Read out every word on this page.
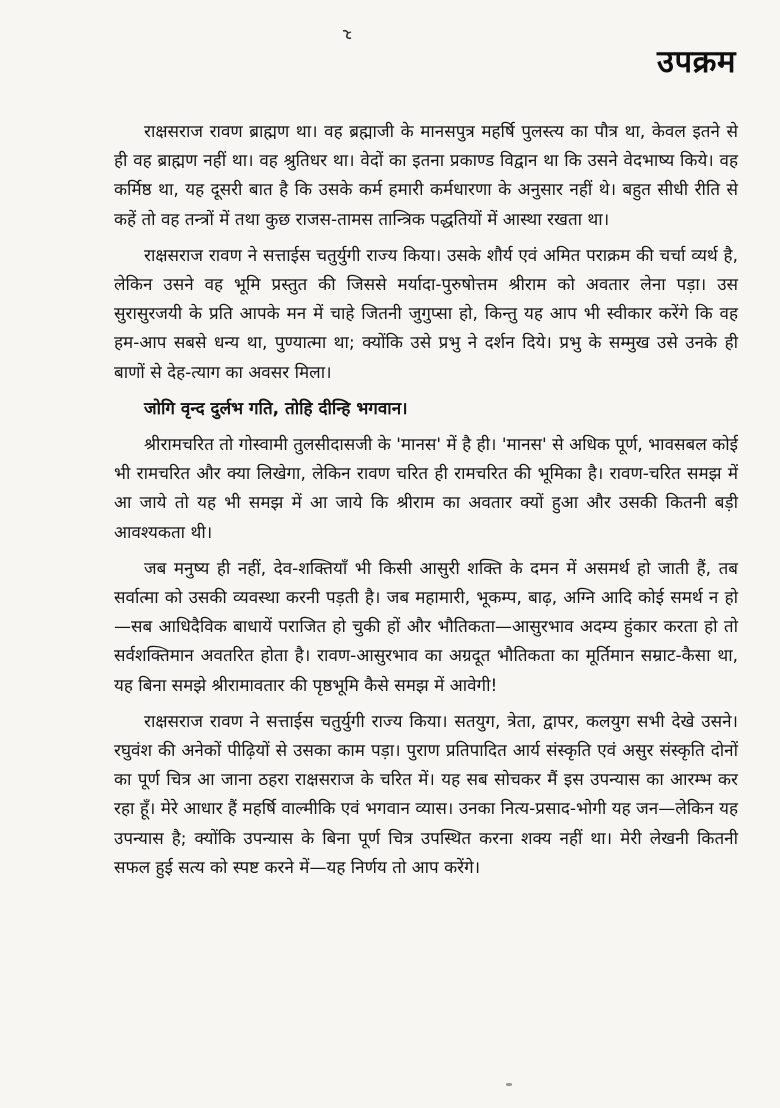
उपक्रम

राक्षसराज रावण ब्राह्मण था। वह ब्रह्माजी के मानसपुत्र महर्षि पुलस्त्य का पौत्र था, केवल इतने से ही वह ब्राह्मण नहीं था। वह श्रुतिधर था। वेदों का इतना प्रकाण्ड विद्वान था कि उसने वेदभाष्य किये। वह कर्मिष्ठ था, यह दूसरी बात है कि उसके कर्म हमारी कर्मधारणा के अनुसार नहीं थे। बहुत सीधी रीति से कहें तो वह तन्त्रों में तथा कुछ राजस-तामस तान्त्रिक पद्धतियों में आस्था रखता था।

राक्षसराज रावण ने सत्ताईस चतुर्युगी राज्य किया। उसके शौर्य एवं अमित पराक्रम की चर्चा व्यर्थ है, लेकिन उसने वह भूमि प्रस्तुत की जिससे मर्यादा-पुरुषोत्तम श्रीराम को अवतार लेना पड़ा। उस सुरासुरजयी के प्रति आपके मन में चाहे जितनी जुगुप्सा हो, किन्तु यह आप भी स्वीकार करेंगे कि वह हम-आप सबसे धन्य था, पुण्यात्मा था; क्योंकि उसे प्रभु ने दर्शन दिये। प्रभु के सम्मुख उसे उनके ही बाणों से देह-त्याग का अवसर मिला।

जोगि वृन्द दुर्लभ गति, तोहि दीन्हि भगवान।

श्रीरामचरित तो गोस्वामी तुलसीदासजी के 'मानस' में है ही। 'मानस' से अधिक पूर्ण, भावसबल कोई भी रामचरित और क्या लिखेगा, लेकिन रावण चरित ही रामचरित की भूमिका है। रावण-चरित समझ में आ जाये तो यह भी समझ में आ जाये कि श्रीराम का अवतार क्यों हुआ और उसकी कितनी बड़ी आवश्यकता थी।

जब मनुष्य ही नहीं, देव-शक्तियाँ भी किसी आसुरी शक्ति के दमन में असमर्थ हो जाती हैं, तब सर्वात्मा को उसकी व्यवस्था करनी पड़ती है। जब महामारी, भूकम्प, बाढ़, अग्नि आदि कोई समर्थ न हो—सब आधिदैविक बाधायें पराजित हो चुकी हों और भौतिकता—आसुरभाव अदम्य हुंकार करता हो तो सर्वशक्तिमान अवतरित होता है। रावण-आसुरभाव का अग्रदूत भौतिकता का मूर्तिमान सम्राट-कैसा था, यह बिना समझे श्रीरामावतार की पृष्ठभूमि कैसे समझ में आवेगी!

राक्षसराज रावण ने सत्ताईस चतुर्युगी राज्य किया। सतयुग, त्रेता, द्वापर, कलयुग सभी देखे उसने। रघुवंश की अनेकों पीढ़ियों से उसका काम पड़ा। पुराण प्रतिपादित आर्य संस्कृति एवं असुर संस्कृति दोनों का पूर्ण चित्र आ जाना ठहरा राक्षसराज के चरित में। यह सब सोचकर मैं इस उपन्यास का आरम्भ कर रहा हूँ। मेरे आधार हैं महर्षि वाल्मीकि एवं भगवान व्यास। उनका नित्य-प्रसाद-भोगी यह जन—लेकिन यह उपन्यास है; क्योंकि उपन्यास के बिना पूर्ण चित्र उपस्थित करना शक्य नहीं था। मेरी लेखनी कितनी सफल हुई सत्य को स्पष्ट करने में—यह निर्णय तो आप करेंगे।
